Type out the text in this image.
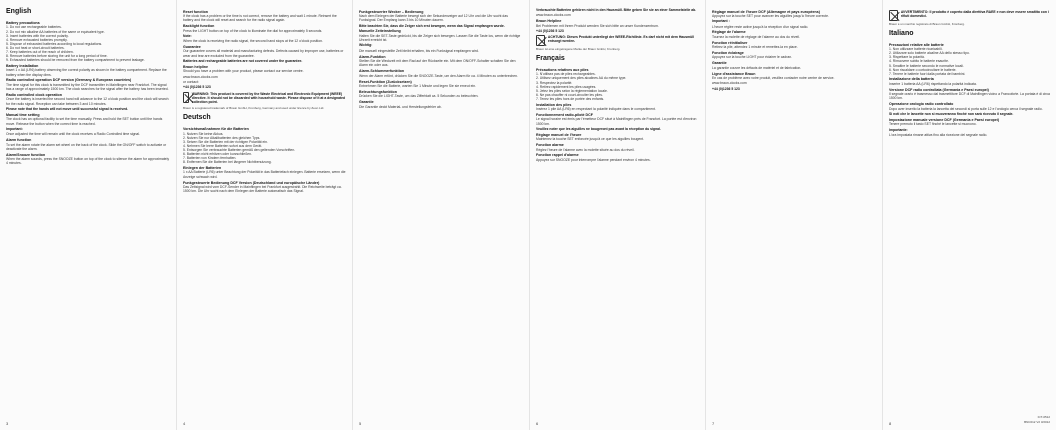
English
Battery precautions
1. Do not use rechargeable batteries.
2. Do not mix alkaline AA batteries of the same or equivalent type.
3. Insert batteries with the correct polarity.
4. Remove exhausted batteries promptly.
5. Dispose of exhausted batteries according to local regulations.
6. Do not heat or short-circuit batteries.
7. Keep batteries out of the reach of children.
8. Remove batteries before storing the unit for a long period of time.
9. Exhausted batteries should be removed from the battery compartment to prevent leakage.
Battery installation
Insert 1 x AA (LR6) battery observing the correct polarity as shown in the battery compartment. Replace the battery when the display dims.
Radio controlled operation DCF version (Germany & European countries)
The time signal for this clock is transmitted by the DCF transmitter in Mainflingen near Frankfurt. The signal has a range of approximately 1500 km. The clock searches for the signal after the battery has been inserted.
Radio controlled clock operation
Once the battery is inserted the second hand will advance to the 12 o'clock position and the clock will search for the radio signal. Reception can take between 3 and 10 minutes.
Please note that the hands will not move until successful signal is received.
Manual time setting
The clock has an optional facility to set the time manually. Press and hold the SET button until the hands move. Release the button when the correct time is reached.
Important:
Once adjusted the time will remain until the clock receives a Radio Controlled time signal.
Alarm function
To set the alarm rotate the alarm set wheel on the back of the clock. Slide the ON/OFF switch to activate or deactivate the alarm.
Alarm/Snooze function
When the alarm sounds, press the SNOOZE button on top of the clock to silence the alarm for approximately 4 minutes.
3
Reset function
If the clock has a problem or the time is not correct, remove the battery and wait 1 minute. Reinsert the battery and the clock will reset and search for the radio signal again.
Backlight function
Press the LIGHT button on top of the clock to illuminate the dial for approximately 5 seconds.
Note:
When the clock is receiving the radio signal, the second hand stops at the 12 o'clock position.
Guarantee
Our guarantee covers all material and manufacturing defects. Defects caused by improper use, batteries or wear and tear are excluded from the guarantee.
Batteries and rechargeable batteries are not covered under the guarantee.
Braun helpline
Should you have a problem with your product, please contact our service centre.
www.braun-clocks.com
or contact:
+44 (0)1236 5 123
WARNING: This product is covered by the Waste Electrical and Electronic Equipment (WEEE) directive. It should not be discarded with household waste. Please dispose of it at a designated collection point.
Braun is a registered trademark of Braun GmbH, Kronberg, Germany and used under licence by Zeon Ltd.
Deutsch
Vorsichtsmaßnahmen für die Batterien
1. Nutzen Sie keine Akkus.
2. Nutzen Sie nur Alkalibatterien des gleichen Typs.
3. Setzen Sie die Batterien mit der richtigen Polarität ein.
4. Nehmen Sie leere Batterien sofort aus dem Gerät.
5. Entsorgen Sie verbrauchte Batterien gemäß den geltenden Vorschriften.
6. Batterien nicht erhitzen oder kurzschließen.
7. Batterien von Kindern fernhalten.
8. Entfernen Sie die Batterien bei längerer Nichtbenutzung.
Einlegen der Batterien
1 x AA Batterie (LR6) unter Beachtung der Polarität in das Batteriefach einlegen. Batterie ersetzen, wenn die Anzeige schwach wird.
Funkgesteuerte Bedienung DCF Version (Deutschland und europäische Länder)
Das Zeitsignal wird vom DCF-Sender in Mainflingen bei Frankfurt ausgestrahlt. Die Reichweite beträgt ca. 1500 km. Die Uhr sucht nach dem Einlegen der Batterie automatisch das Signal.
4
Funkgesteuerter Wecker – Bedienung
Nach dem Einlegen der Batterie bewegt sich der Sekundenzeiger auf 12 Uhr und die Uhr sucht das Funksignal. Der Empfang kann 3 bis 10 Minuten dauern.
Bitte beachten Sie, dass die Zeiger sich erst bewegen, wenn das Signal empfangen wurde.
Manuelle Zeiteinstellung
Halten Sie die SET-Taste gedrückt, bis die Zeiger sich bewegen. Lassen Sie die Taste los, wenn die richtige Uhrzeit erreicht ist.
Wichtig:
Die manuell eingestellte Zeit bleibt erhalten, bis ein Funksignal empfangen wird.
Alarm-Funktion
Stellen Sie die Weckzeit mit dem Rad auf der Rückseite ein. Mit dem ON/OFF-Schalter schalten Sie den Alarm ein oder aus.
Alarm-Schlummerfunktion
Wenn der Alarm ertönt, drücken Sie die SNOOZE-Taste, um den Alarm für ca. 4 Minuten zu unterbrechen.
Reset-Funktion (Zurücksetzen)
Entnehmen Sie die Batterie, warten Sie 1 Minute und legen Sie sie erneut ein.
Beleuchtungsfunktion
Drücken Sie die LIGHT-Taste, um das Zifferblatt ca. 5 Sekunden zu beleuchten.
Garantie
Die Garantie deckt Material- und Herstellungsfehler ab.
5
Verbrauchte Batterien gehören nicht in den Hausmüll. Bitte geben Sie sie an einer Sammelstelle ab.
www.braun-clocks.com
Braun Helpline
Bei Problemen mit Ihrem Produkt wenden Sie sich bitte an unser Kundenzentrum.
+44 (0)1236 5 123
ACHTUNG: Dieses Produkt unterliegt der WEEE-Richtlinie. Es darf nicht mit dem Hausmüll entsorgt werden.
Braun ist eine eingetragene Marke der Braun GmbH, Kronberg.
Français
Précautions relatives aux piles
1. N'utilisez pas de piles rechargeables.
2. Utilisez uniquement des piles alcalines AA du même type.
3. Respectez la polarité.
4. Retirez rapidement les piles usagées.
5. Jetez les piles selon la réglementation locale.
6. Ne pas chauffer ni court-circuiter les piles.
7. Tenez les piles hors de portée des enfants.
Installation des piles
Insérez 1 pile AA (LR6) en respectant la polarité indiquée dans le compartiment.
Fonctionnement radio-piloté DCF
Le signal horaire est émis par l'émetteur DCF situé à Mainflingen près de Francfort. La portée est d'environ 1500 km.
Veuillez noter que les aiguilles ne bougeront pas avant la réception du signal.
Réglage manuel de l'heure
Maintenez la touche SET enfoncée jusqu'à ce que les aiguilles bougent.
Fonction alarme
Réglez l'heure de l'alarme avec la molette située au dos du réveil.
Fonction rappel d'alarme
Appuyez sur SNOOZE pour interrompre l'alarme pendant environ 4 minutes.
6
Réglage manuel de l'heure DCF (Allemagne et pays européens)
Appuyez sur la touche SET pour avancer les aiguilles jusqu'à l'heure correcte.
Important :
L'heure réglée reste active jusqu'à la réception d'un signal radio.
Réglage de l'alarme
Tournez la molette de réglage de l'alarme au dos du réveil.
Fonction réinitialiser
Retirez la pile, attendez 1 minute et remettez-la en place.
Fonction éclairage
Appuyez sur la touche LIGHT pour éclairer le cadran.
Garantie
La garantie couvre les défauts de matériel et de fabrication.
Ligne d'assistance Braun
En cas de problème avec votre produit, veuillez contacter notre centre de service.
www.braun-clocks.com
+44 (0)1236 5 123
7
AVVERTIMENTO: Il prodotto è coperto dalla direttiva RAEE e non deve essere smaltito con i rifiuti domestici.
Braun è un marchio registrato di Braun GmbH, Kronberg.
Italiano
Precauzioni relative alle batterie
1. Non utilizzare batterie ricaricabili.
2. Utilizzare solo batterie alcaline AA dello stesso tipo.
3. Rispettare la polarità.
4. Rimuovere subito le batterie esaurite.
5. Smaltire le batterie secondo le normative locali.
6. Non riscaldare o cortocircuitare le batterie.
7. Tenere le batterie fuori dalla portata dei bambini.
Installazione della batteria
Inserire 1 batteria AA (LR6) rispettando la polarità indicata.
Versione DCF radio controllata (Germania e Paesi europei)
Il segnale orario è trasmesso dal trasmettitore DCF di Mainflingen vicino a Francoforte. La portata è di circa 1500 km.
Operazione orologio radio controllato
Dopo aver inserito la batteria la lancetta dei secondi si porta sulle 12 e l'orologio cerca il segnale radio.
Si noti che le lancette non si muoveranno finché non sarà ricevuto il segnale.
Impostazione manuale versione DCF (Germania e Paesi europei)
Tenere premuto il tasto SET finché le lancette si muovono.
Importante:
L'ora impostata rimane attiva fino alla ricezione del segnale radio.
8
ICT-0512
BNC012 V2 3/2012
